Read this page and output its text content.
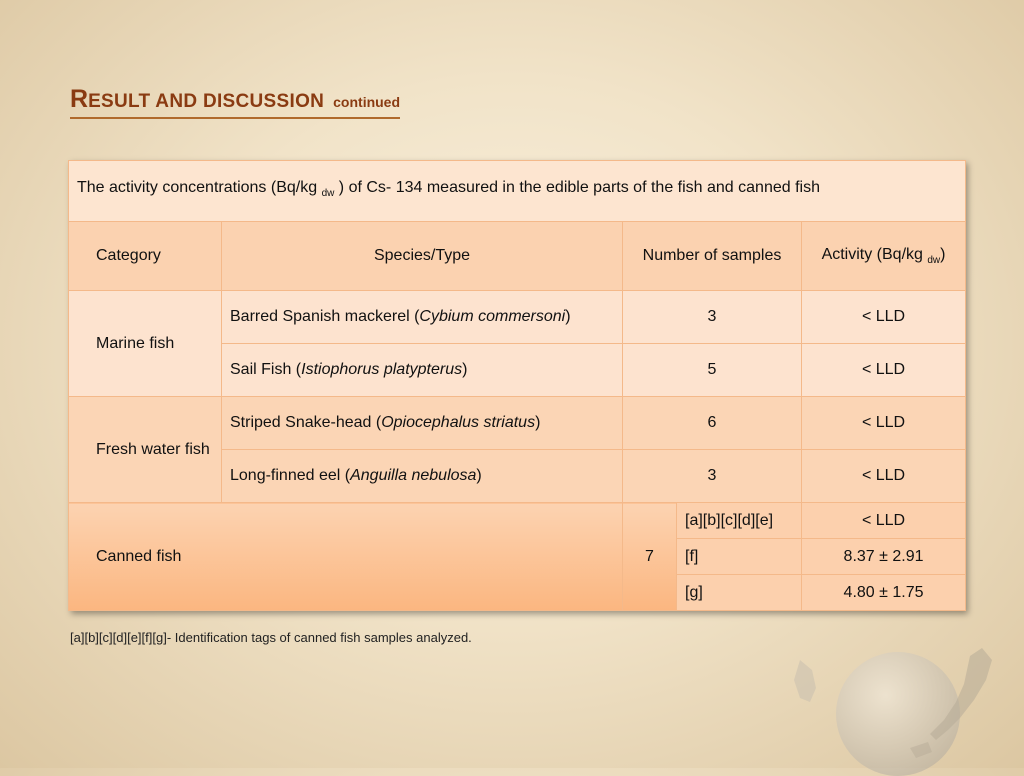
RESULT AND DISCUSSION continued
The activity concentrations (Bq/kg $_{dw}$ ) of Cs- 134 measured in the edible parts of the fish and canned fish				
Category	Species/Type	Number of samples		Activity (Bq/kg $_{dw}$)
Marine fish	Barred Spanish mackerel (Cybium commersoni)	3		< LLD
	Sail Fish (Istiophorus platypterus)	5		< LLD
Fresh water fish	Striped Snake-head (Opiocephalus striatus)	6		< LLD
	Long-finned eel (Anguilla nebulosa)	3		< LLD
Canned fish		7	[a][b][c][d][e]	< LLD
			[f]	8.37 ± 2.91
			[g]	4.80 ± 1.75

[a][b][c][d][e][f][g]- Identification tags of canned fish samples analyzed.
